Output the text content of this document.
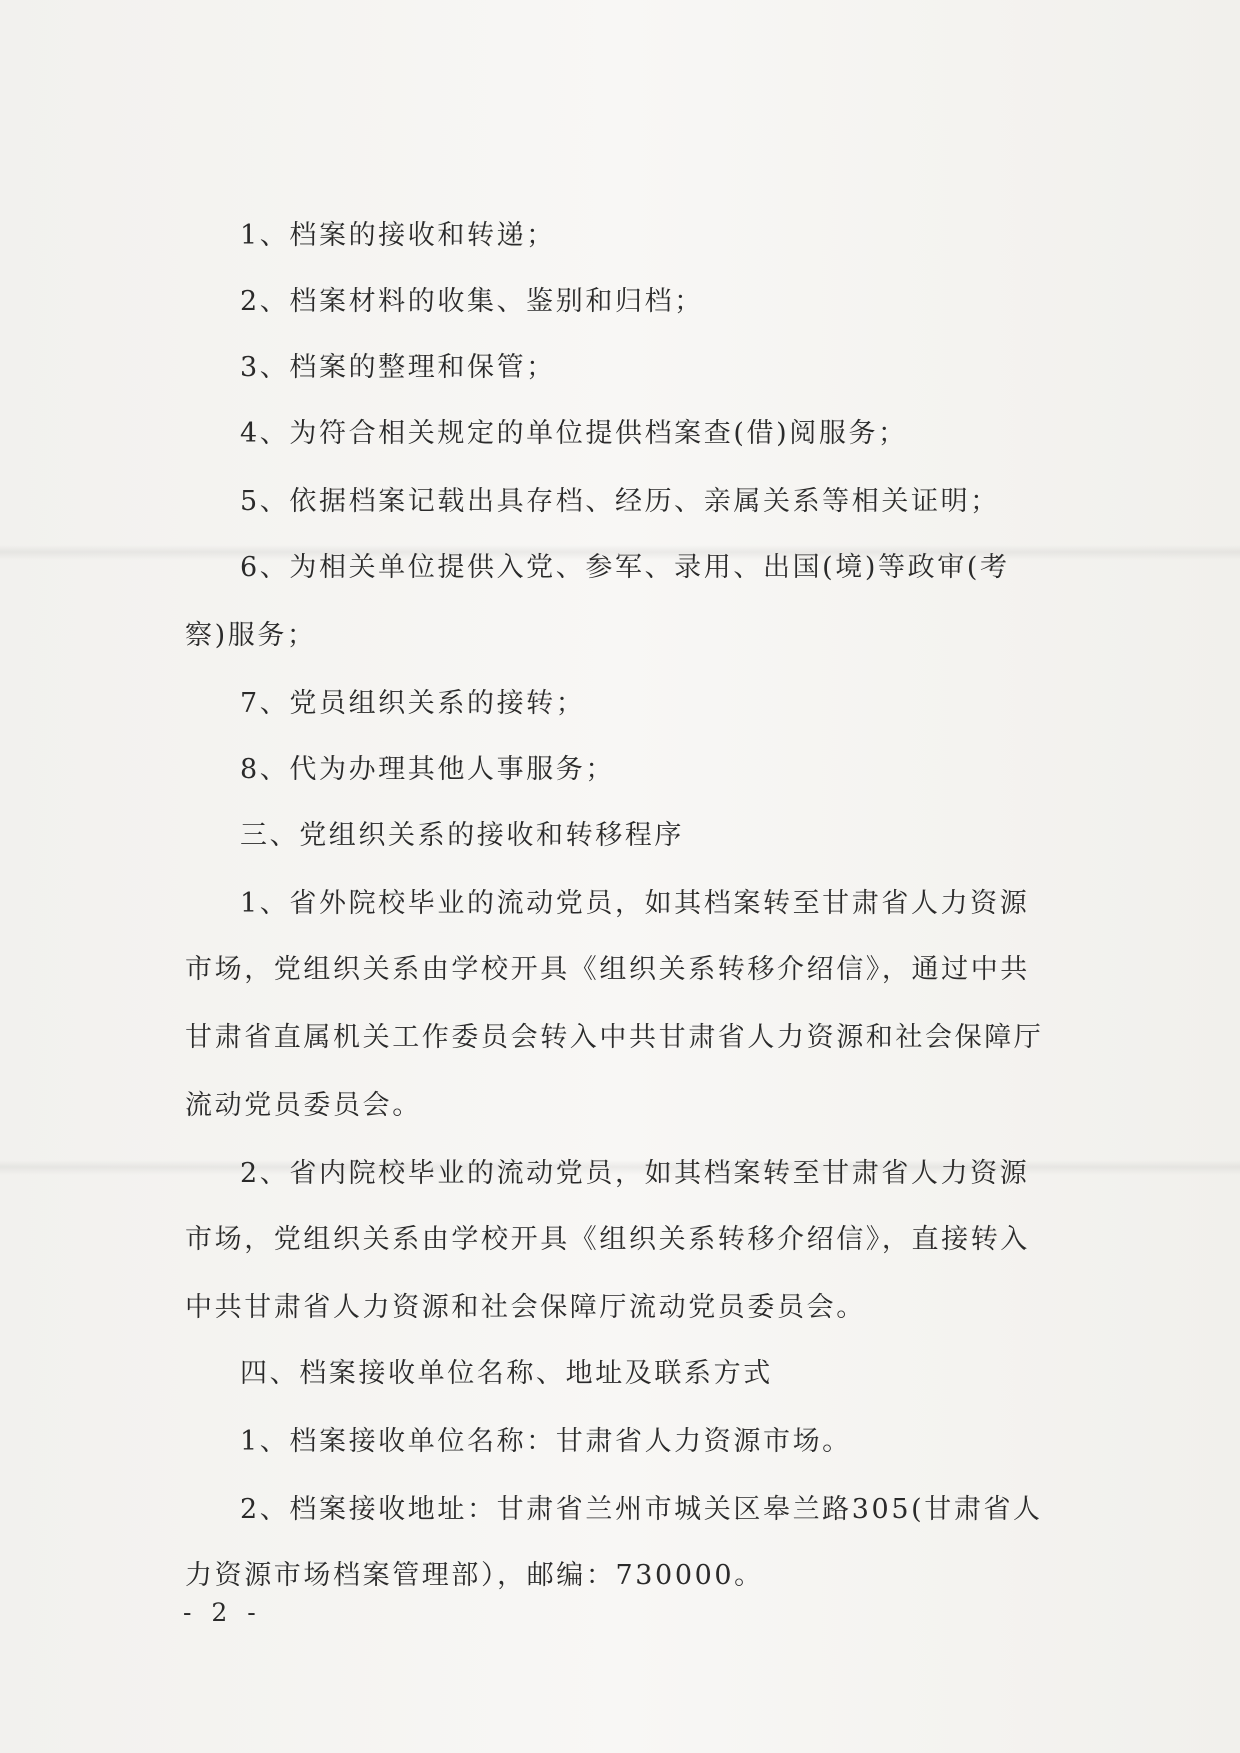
1、档案的接收和转递；
2、档案材料的收集、鉴别和归档；
3、档案的整理和保管；
4、为符合相关规定的单位提供档案查(借)阅服务；
5、依据档案记载出具存档、经历、亲属关系等相关证明；
6、为相关单位提供入党、参军、录用、出国(境)等政审(考
察)服务；
7、党员组织关系的接转；
8、代为办理其他人事服务；
三、党组织关系的接收和转移程序
1、省外院校毕业的流动党员，如其档案转至甘肃省人力资源
市场，党组织关系由学校开具《组织关系转移介绍信》，通过中共
甘肃省直属机关工作委员会转入中共甘肃省人力资源和社会保障厅
流动党员委员会。
2、省内院校毕业的流动党员，如其档案转至甘肃省人力资源
市场，党组织关系由学校开具《组织关系转移介绍信》，直接转入
中共甘肃省人力资源和社会保障厅流动党员委员会。
四、档案接收单位名称、地址及联系方式
1、档案接收单位名称：甘肃省人力资源市场。
2、档案接收地址：甘肃省兰州市城关区皋兰路305(甘肃省人
力资源市场档案管理部），邮编：730000。
- 2 -
